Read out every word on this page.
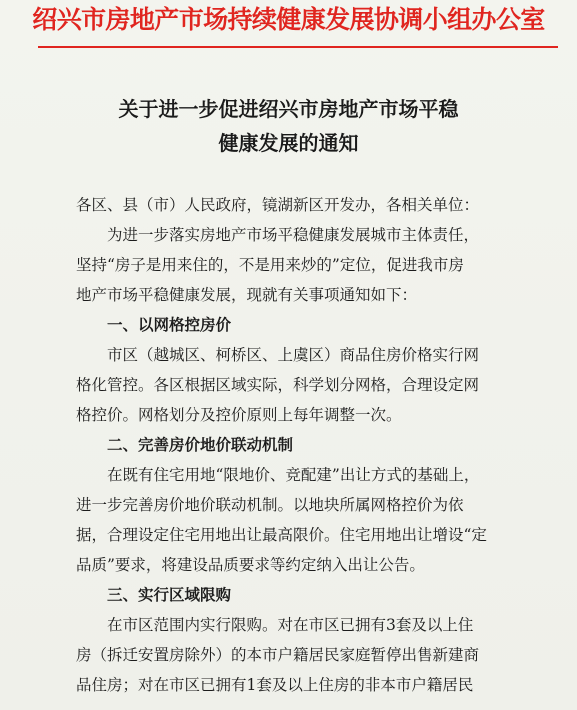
绍兴市房地产市场持续健康发展协调小组办公室
关于进一步促进绍兴市房地产市场平稳
健康发展的通知
各区、县（市）人民政府，镜湖新区开发办，各相关单位：
为进一步落实房地产市场平稳健康发展城市主体责任，
坚持“房子是用来住的，不是用来炒的”定位，促进我市房
地产市场平稳健康发展，现就有关事项通知如下：
一、以网格控房价
市区（越城区、柯桥区、上虞区）商品住房价格实行网
格化管控。各区根据区域实际，科学划分网格，合理设定网
格控价。网格划分及控价原则上每年调整一次。
二、完善房价地价联动机制
在既有住宅用地“限地价、竞配建”出让方式的基础上，
进一步完善房价地价联动机制。以地块所属网格控价为依
据，合理设定住宅用地出让最高限价。住宅用地出让增设“定
品质”要求，将建设品质要求等约定纳入出让公告。
三、实行区域限购
在市区范围内实行限购。对在市区已拥有3套及以上住
房（拆迁安置房除外）的本市户籍居民家庭暂停出售新建商
品住房；对在市区已拥有1套及以上住房的非本市户籍居民
